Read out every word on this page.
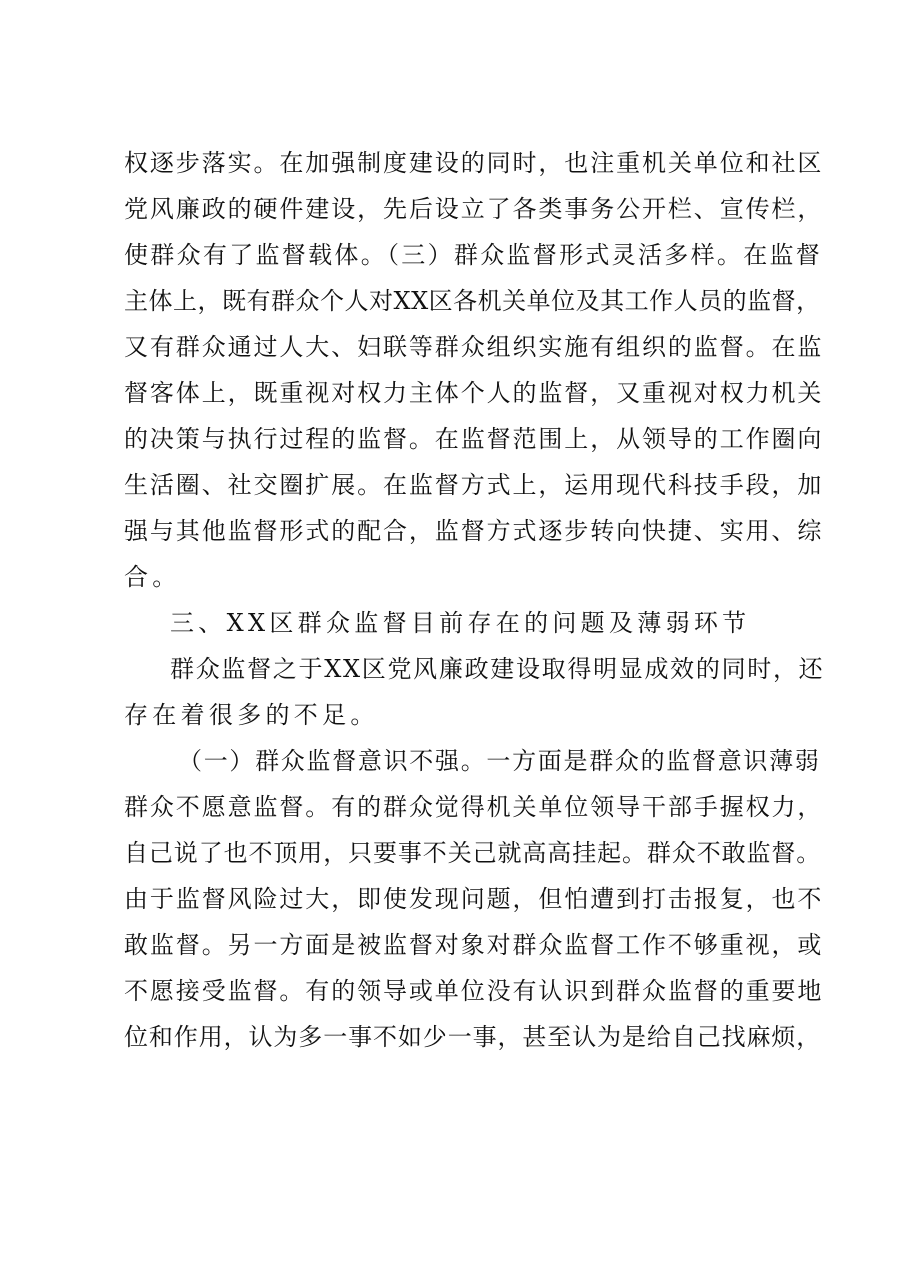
权逐步落实。在加强制度建设的同时，也注重机关单位和社区
党风廉政的硬件建设，先后设立了各类事务公开栏、宣传栏，
使群众有了监督载体。（三）群众监督形式灵活多样。在监督
主体上，既有群众个人对XX区各机关单位及其工作人员的监督，
又有群众通过人大、妇联等群众组织实施有组织的监督。在监
督客体上，既重视对权力主体个人的监督，又重视对权力机关
的决策与执行过程的监督。在监督范围上，从领导的工作圈向
生活圈、社交圈扩展。在监督方式上，运用现代科技手段，加
强与其他监督形式的配合，监督方式逐步转向快捷、实用、综
合。
三、XX区群众监督目前存在的问题及薄弱环节
群众监督之于XX区党风廉政建设取得明显成效的同时，还
存在着很多的不足。
（一）群众监督意识不强。一方面是群众的监督意识薄弱
群众不愿意监督。有的群众觉得机关单位领导干部手握权力，
自己说了也不顶用，只要事不关己就高高挂起。群众不敢监督。
由于监督风险过大，即使发现问题，但怕遭到打击报复，也不
敢监督。另一方面是被监督对象对群众监督工作不够重视，或
不愿接受监督。有的领导或单位没有认识到群众监督的重要地
位和作用，认为多一事不如少一事，甚至认为是给自己找麻烦，
